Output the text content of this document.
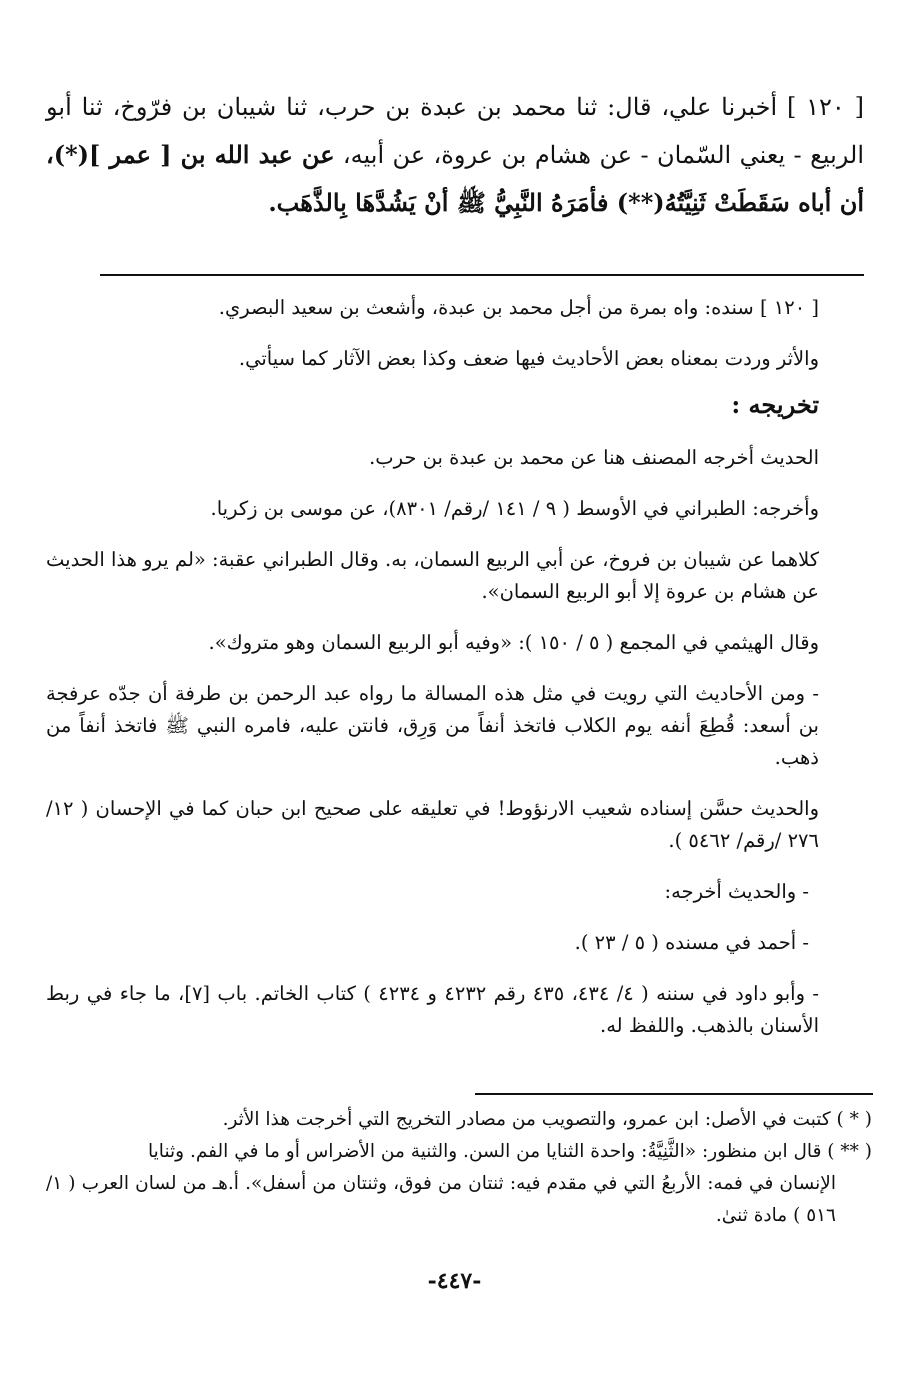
[ ١٢٠ ] أخبرنا علي، قال: ثنا محمد بن عبدة بن حرب، ثنا شيبان بن فرّوخ، ثنا أبو الربيع - يعني السّمان - عن هشام بن عروة، عن أبيه، عن عبد الله بن [ عمر ](*)، أن أباه سَقَطَتْ ثَنِيَّتُهُ(**) فأمَرَهُ النَّبِيُّ ﷺ أنْ يَشُدَّهَا بِالذَّهَب.

[ ١٢٠ ] سنده: واه بمرة من أجل محمد بن عبدة، وأشعث بن سعيد البصري.

والأثر وردت بمعناه بعض الأحاديث فيها ضعف وكذا بعض الآثار كما سيأتي.

تخريجه :

الحديث أخرجه المصنف هنا عن محمد بن عبدة بن حرب.

وأخرجه: الطبراني في الأوسط ( ٩ / ١٤١ /رقم/ ٨٣٠١)، عن موسى بن زكريا.

كلاهما عن شيبان بن فروخ، عن أبي الربيع السمان، به. وقال الطبراني عقبة: «لم يرو هذا الحديث عن هشام بن عروة إلا أبو الربيع السمان».

وقال الهيثمي في المجمع ( ٥ / ١٥٠ ): «وفيه أبو الربيع السمان وهو متروك».

- ومن الأحاديث التي رويت في مثل هذه المسالة ما رواه عبد الرحمن بن طرفة أن جدّه عرفجة بن أسعد: قُطِعَ أنفه يوم الكلاب فاتخذ أنفاً من وَرِق، فانتن عليه، فامره النبي ﷺ فاتخذ أنفاً من ذهب.

والحديث حسَّن إسناده شعيب الارنؤوط! في تعليقه على صحيح ابن حبان كما في الإحسان ( ١٢/ ٢٧٦ /رقم/ ٥٤٦٢ ).

- والحديث أخرجه:

- أحمد في مسنده ( ٥ / ٢٣ ).

- وأبو داود في سننه ( ٤/ ٤٣٤، ٤٣٥ رقم ٤٢٣٢ و ٤٢٣٤ ) كتاب الخاتم. باب [٧]، ما جاء في ربط الأسنان بالذهب. واللفظ له.

( * ) كتبت في الأصل: ابن عمرو، والتصويب من مصادر التخريج التي أخرجت هذا الأثر.

( ** ) قال ابن منظور: «الثَّنِيَّةُ: واحدة الثنايا من السن. والثنية من الأضراس أو ما في الفم. وثنايا

الإنسان في فمه: الأربعُ التي في مقدم فيه: ثنتان من فوق، وثنتان من أسفل». أ.هـ من لسان العرب ( ١/ ٥١٦ ) مادة ثنىٰ.

-٤٤٧-
